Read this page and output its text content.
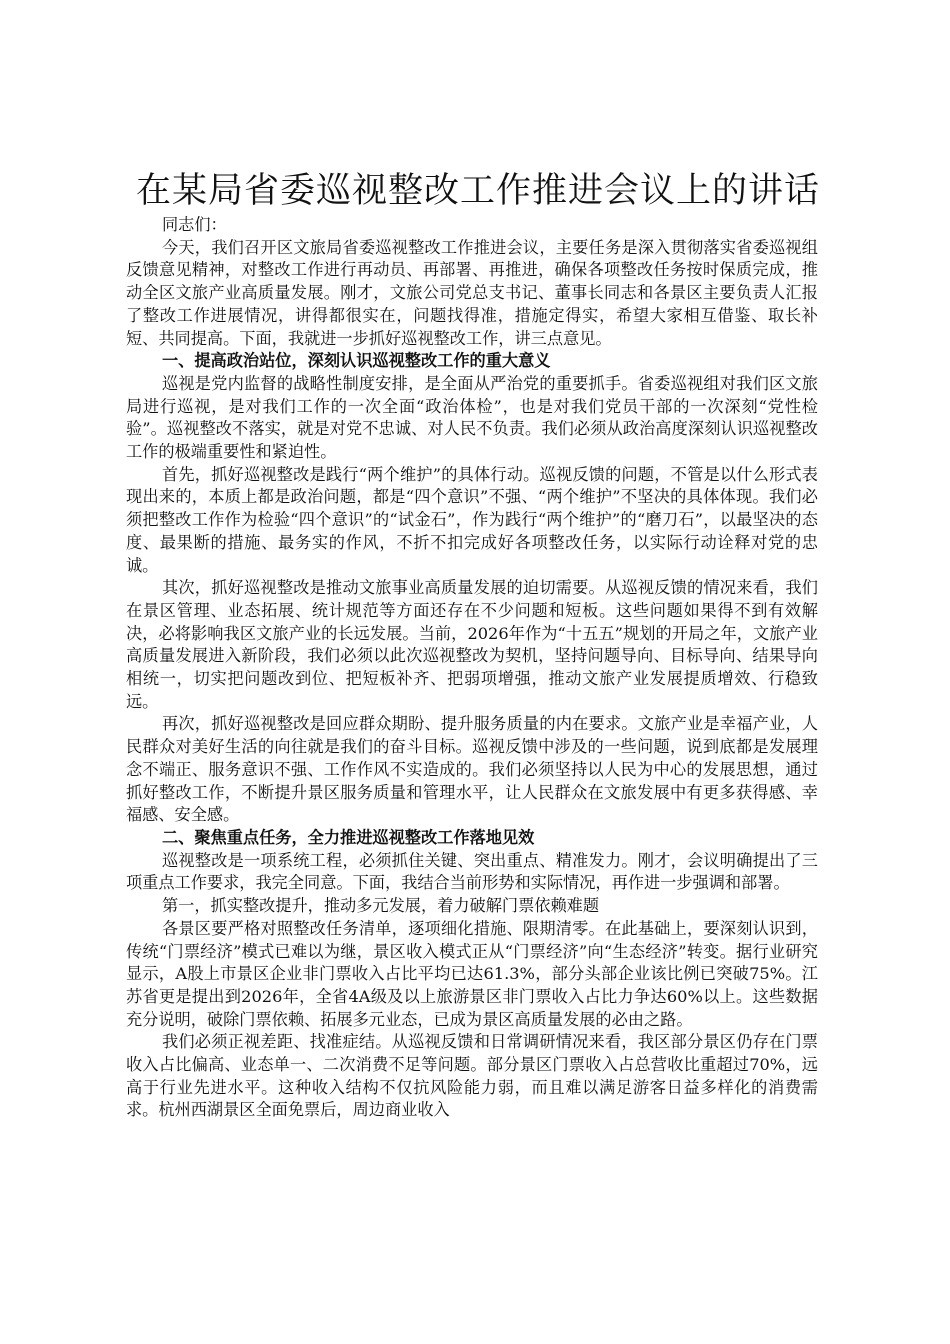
在某局省委巡视整改工作推进会议上的讲话

同志们：

今天，我们召开区文旅局省委巡视整改工作推进会议，主要任务是深入贯彻落实省委巡视组反馈意见精神，对整改工作进行再动员、再部署、再推进，确保各项整改任务按时保质完成，推动全区文旅产业高质量发展。刚才，文旅公司党总支书记、董事长同志和各景区主要负责人汇报了整改工作进展情况，讲得都很实在，问题找得准，措施定得实，希望大家相互借鉴、取长补短、共同提高。下面，我就进一步抓好巡视整改工作，讲三点意见。

一、提高政治站位，深刻认识巡视整改工作的重大意义

巡视是党内监督的战略性制度安排，是全面从严治党的重要抓手。省委巡视组对我们区文旅局进行巡视，是对我们工作的一次全面“政治体检”，也是对我们党员干部的一次深刻“党性检验”。巡视整改不落实，就是对党不忠诚、对人民不负责。我们必须从政治高度深刻认识巡视整改工作的极端重要性和紧迫性。

首先，抓好巡视整改是践行“两个维护”的具体行动。巡视反馈的问题，不管是以什么形式表现出来的，本质上都是政治问题，都是“四个意识”不强、“两个维护”不坚决的具体体现。我们必须把整改工作作为检验“四个意识”的“试金石”，作为践行“两个维护”的“磨刀石”，以最坚决的态度、最果断的措施、最务实的作风，不折不扣完成好各项整改任务，以实际行动诠释对党的忠诚。

其次，抓好巡视整改是推动文旅事业高质量发展的迫切需要。从巡视反馈的情况来看，我们在景区管理、业态拓展、统计规范等方面还存在不少问题和短板。这些问题如果得不到有效解决，必将影响我区文旅产业的长远发展。当前，2026年作为“十五五”规划的开局之年，文旅产业高质量发展进入新阶段，我们必须以此次巡视整改为契机，坚持问题导向、目标导向、结果导向相统一，切实把问题改到位、把短板补齐、把弱项增强，推动文旅产业发展提质增效、行稳致远。

再次，抓好巡视整改是回应群众期盼、提升服务质量的内在要求。文旅产业是幸福产业，人民群众对美好生活的向往就是我们的奋斗目标。巡视反馈中涉及的一些问题，说到底都是发展理念不端正、服务意识不强、工作作风不实造成的。我们必须坚持以人民为中心的发展思想，通过抓好整改工作，不断提升景区服务质量和管理水平，让人民群众在文旅发展中有更多获得感、幸福感、安全感。

二、聚焦重点任务，全力推进巡视整改工作落地见效

巡视整改是一项系统工程，必须抓住关键、突出重点、精准发力。刚才，会议明确提出了三项重点工作要求，我完全同意。下面，我结合当前形势和实际情况，再作进一步强调和部署。

第一，抓实整改提升，推动多元发展，着力破解门票依赖难题

各景区要严格对照整改任务清单，逐项细化措施、限期清零。在此基础上，要深刻认识到，传统“门票经济”模式已难以为继，景区收入模式正从“门票经济”向“生态经济”转变。据行业研究显示，A股上市景区企业非门票收入占比平均已达61.3%，部分头部企业该比例已突破75%。江苏省更是提出到2026年，全省4A级及以上旅游景区非门票收入占比力争达60%以上。这些数据充分说明，破除门票依赖、拓展多元业态，已成为景区高质量发展的必由之路。

我们必须正视差距、找准症结。从巡视反馈和日常调研情况来看，我区部分景区仍存在门票收入占比偏高、业态单一、二次消费不足等问题。部分景区门票收入占总营收比重超过70%，远高于行业先进水平。这种收入结构不仅抗风险能力弱，而且难以满足游客日益多样化的消费需求。杭州西湖景区全面免票后，周边商业收入
